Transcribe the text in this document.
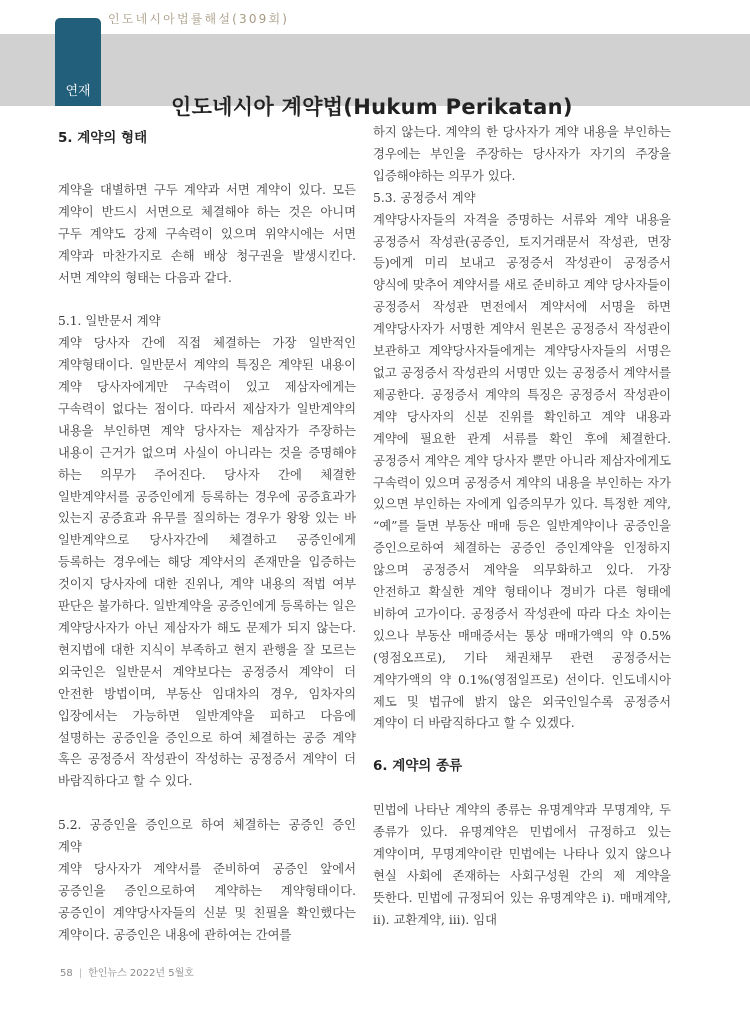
인도네시아법률해설(309회)
인도네시아 계약법(Hukum Perikatan)
연재
5. 계약의 형태

계약을 대별하면 구두 계약과 서면 계약이 있다. 모든 계약이 반드시 서면으로 체결해야 하는 것은 아니며 구두 계약도 강제 구속력이 있으며 위약시에는 서면 계약과 마찬가지로 손해 배상 청구권을 발생시킨다. 서면 계약의 형태는 다음과 같다.

5.1. 일반문서 계약

계약 당사자 간에 직접 체결하는 가장 일반적인 계약형태이다. 일반문서 계약의 특징은 계약된 내용이 계약 당사자에게만 구속력이 있고 제삼자에게는 구속력이 없다는 점이다. 따라서 제삼자가 일반계약의 내용을 부인하면 계약 당사자는 제삼자가 주장하는 내용이 근거가 없으며 사실이 아니라는 것을 증명해야 하는 의무가 주어진다. 당사자 간에 체결한 일반계약서를 공증인에게 등록하는 경우에 공증효과가 있는지 공증효과 유무를 질의하는 경우가 왕왕 있는 바 일반계약으로 당사자간에 체결하고 공증인에게 등록하는 경우에는 해당 계약서의 존재만을 입증하는 것이지 당사자에 대한 진위나, 계약 내용의 적법 여부 판단은 불가하다. 일반계약을 공증인에게 등록하는 일은 계약당사자가 아닌 제삼자가 해도 문제가 되지 않는다. 현지법에 대한 지식이 부족하고 현지 관행을 잘 모르는 외국인은 일반문서 계약보다는 공정증서 계약이 더 안전한 방법이며, 부동산 임대차의 경우, 임차자의 입장에서는 가능하면 일반계약을 피하고 다음에 설명하는 공증인을 증인으로 하여 체결하는 공증 계약 혹은 공정증서 작성관이 작성하는 공정증서 계약이 더 바람직하다고 할 수 있다.

5.2. 공증인을 증인으로 하여 체결하는 공증인 증인 계약

계약 당사자가 계약서를 준비하여 공증인 앞에서 공증인을 증인으로하여 계약하는 계약형태이다. 공증인이 계약당사자들의 신분 및 친필을 확인했다는 계약이다. 공증인은 내용에 관하여는 간여를

하지 않는다. 계약의 한 당사자가 계약 내용을 부인하는 경우에는 부인을 주장하는 당사자가 자기의 주장을 입증해야하는 의무가 있다.

5.3. 공정증서 계약

계약당사자들의 자격을 증명하는 서류와 계약 내용을 공정증서 작성관(공증인, 토지거래문서 작성관, 면장 등)에게 미리 보내고 공정증서 작성관이 공정증서 양식에 맞추어 계약서를 새로 준비하고 계약 당사자들이 공정증서 작성관 면전에서 계약서에 서명을 하면 계약당사자가 서명한 계약서 원본은 공정증서 작성관이 보관하고 계약당사자들에게는 계약당사자들의 서명은 없고 공정증서 작성관의 서명만 있는 공정증서 계약서를 제공한다. 공정증서 계약의 특징은 공정증서 작성관이 계약 당사자의 신분 진위를 확인하고 계약 내용과 계약에 필요한 관계 서류를 확인 후에 체결한다. 공정증서 계약은 계약 당사자 뿐만 아니라 제삼자에게도 구속력이 있으며 공정증서 계약의 내용을 부인하는 자가 있으면 부인하는 자에게 입증의무가 있다. 특정한 계약, “예”를 들면 부동산 매매 등은 일반계약이나 공증인을 증인으로하여 체결하는 공증인 증인계약을 인정하지 않으며 공정증서 계약을 의무화하고 있다. 가장 안전하고 확실한 계약 형태이나 경비가 다른 형태에 비하여 고가이다. 공정증서 작성관에 따라 다소 차이는 있으나 부동산 매매증서는 통상 매매가액의 약 0.5%(영점오프로), 기타 채권채무 관련 공정증서는 계약가액의 약 0.1%(영점일프로) 선이다. 인도네시아 제도 및 법규에 밝지 않은 외국인일수록 공정증서 계약이 더 바람직하다고 할 수 있겠다.

6. 계약의 종류

민법에 나타난 계약의 종류는 유명계약과 무명계약, 두 종류가 있다. 유명계약은 민법에서 규정하고 있는 계약이며, 무명계약이란 민법에는 나타나 있지 않으나 현실 사회에 존재하는 사회구성원 간의 제 계약을 뜻한다. 민법에 규정되어 있는 유명계약은 i). 매매계약, ii). 교환계약, iii). 임대

58 | 한인뉴스 2022년 5월호
